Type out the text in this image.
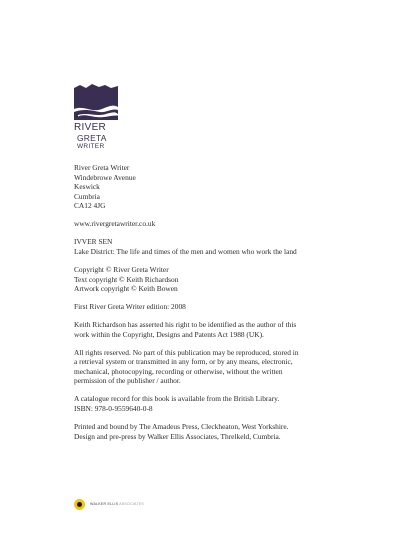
RIVER
GRETA
WRITER
River Greta Writer
Windebrowe Avenue
Keswick
Cumbria
CA12 4JG
www.rivergretawriter.co.uk
IVVER SEN
Lake District: The life and times of the men and women who work the land
Copyright © River Greta Writer
Text copyright © Keith Richardson
Artwork copyright © Keith Bowen
First River Greta Writer edition: 2008
Keith Richardson has asserted his right to be identified as the author of this
work within the Copyright, Designs and Patents Act 1988 (UK).
All rights reserved. No part of this publication may be reproduced, stored in
a retrieval system or transmitted in any form, or by any means, electronic,
mechanical, photocopying, recording or otherwise, without the written
permission of the publisher / author.
A catalogue record for this book is available from the British Library.
ISBN: 978-0-9559640-0-8
Printed and bound by The Amadeus Press, Cleckheaton, West Yorkshire.
Design and pre-press by Walker Ellis Associates, Threlkeld, Cumbria.
WALKER ELLIS ASSOCIATES
